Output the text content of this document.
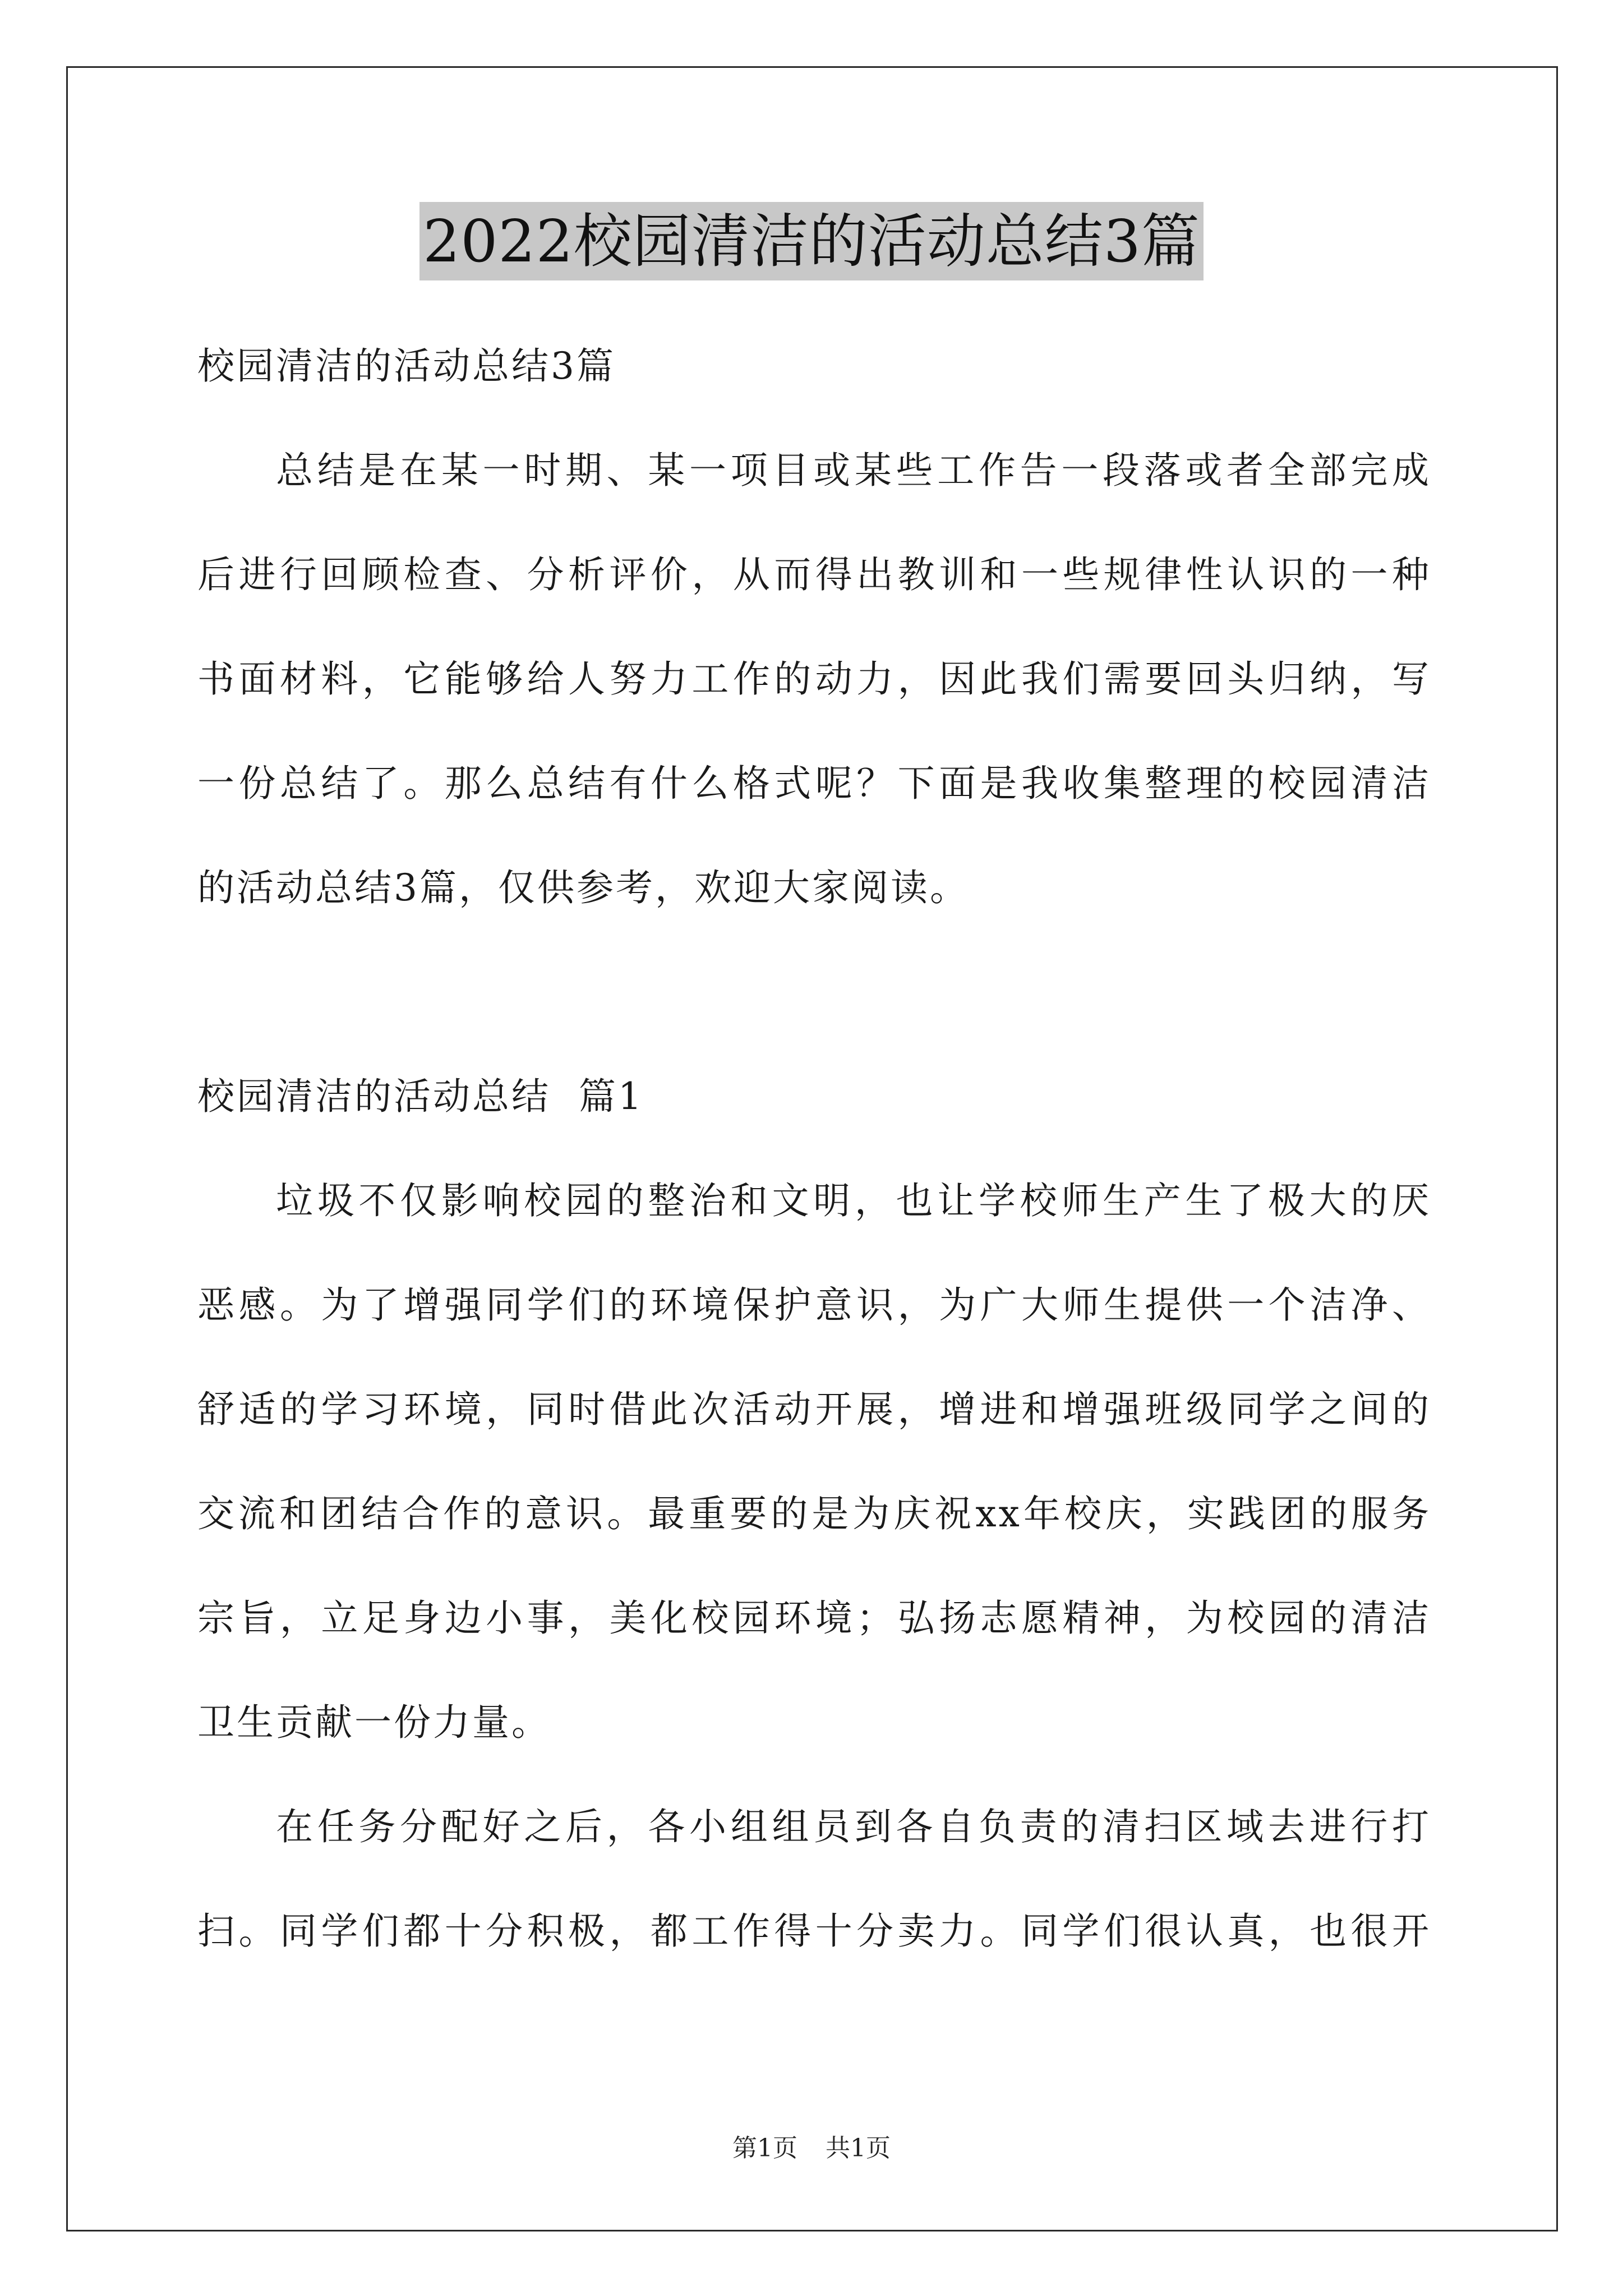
2022校园清洁的活动总结3篇
校园清洁的活动总结3篇
总结是在某一时期、某一项目或某些工作告一段落或者全部完成
后进行回顾检查、分析评价，从而得出教训和一些规律性认识的一种
书面材料，它能够给人努力工作的动力，因此我们需要回头归纳，写
一份总结了。那么总结有什么格式呢？下面是我收集整理的校园清洁
的活动总结3篇，仅供参考，欢迎大家阅读。
校园清洁的活动总结  篇1
垃圾不仅影响校园的整治和文明，也让学校师生产生了极大的厌
恶感。为了增强同学们的环境保护意识，为广大师生提供一个洁净、
舒适的学习环境，同时借此次活动开展，增进和增强班级同学之间的
交流和团结合作的意识。最重要的是为庆祝xx年校庆，实践团的服务
宗旨，立足身边小事，美化校园环境；弘扬志愿精神，为校园的清洁
卫生贡献一份力量。
在任务分配好之后，各小组组员到各自负责的清扫区域去进行打
扫。同学们都十分积极，都工作得十分卖力。同学们很认真，也很开
第1页 共1页
